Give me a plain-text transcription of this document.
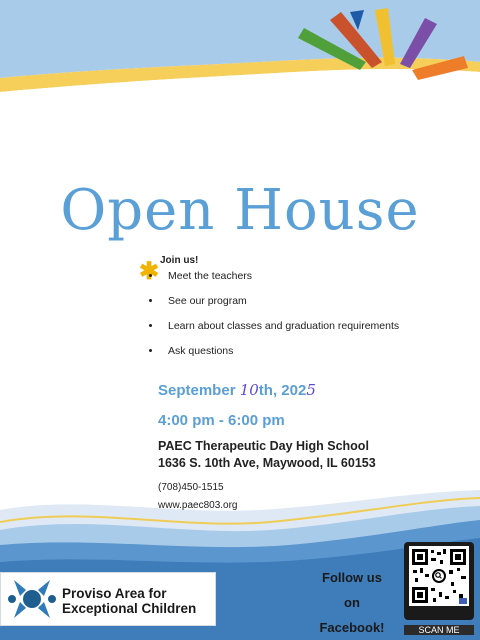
Open House
✱ Join us!
• Meet the teachers
• See our program
• Learn about classes and graduation requirements
• Ask questions
September 10th, 2025
4:00 pm - 6:00 pm
PAEC Therapeutic Day High School
1636 S. 10th Ave, Maywood, IL 60153
(708)450-1515
www.paec803.org
Proviso Area for
Exceptional Children
Follow us
on
Facebook!	SCAN ME
